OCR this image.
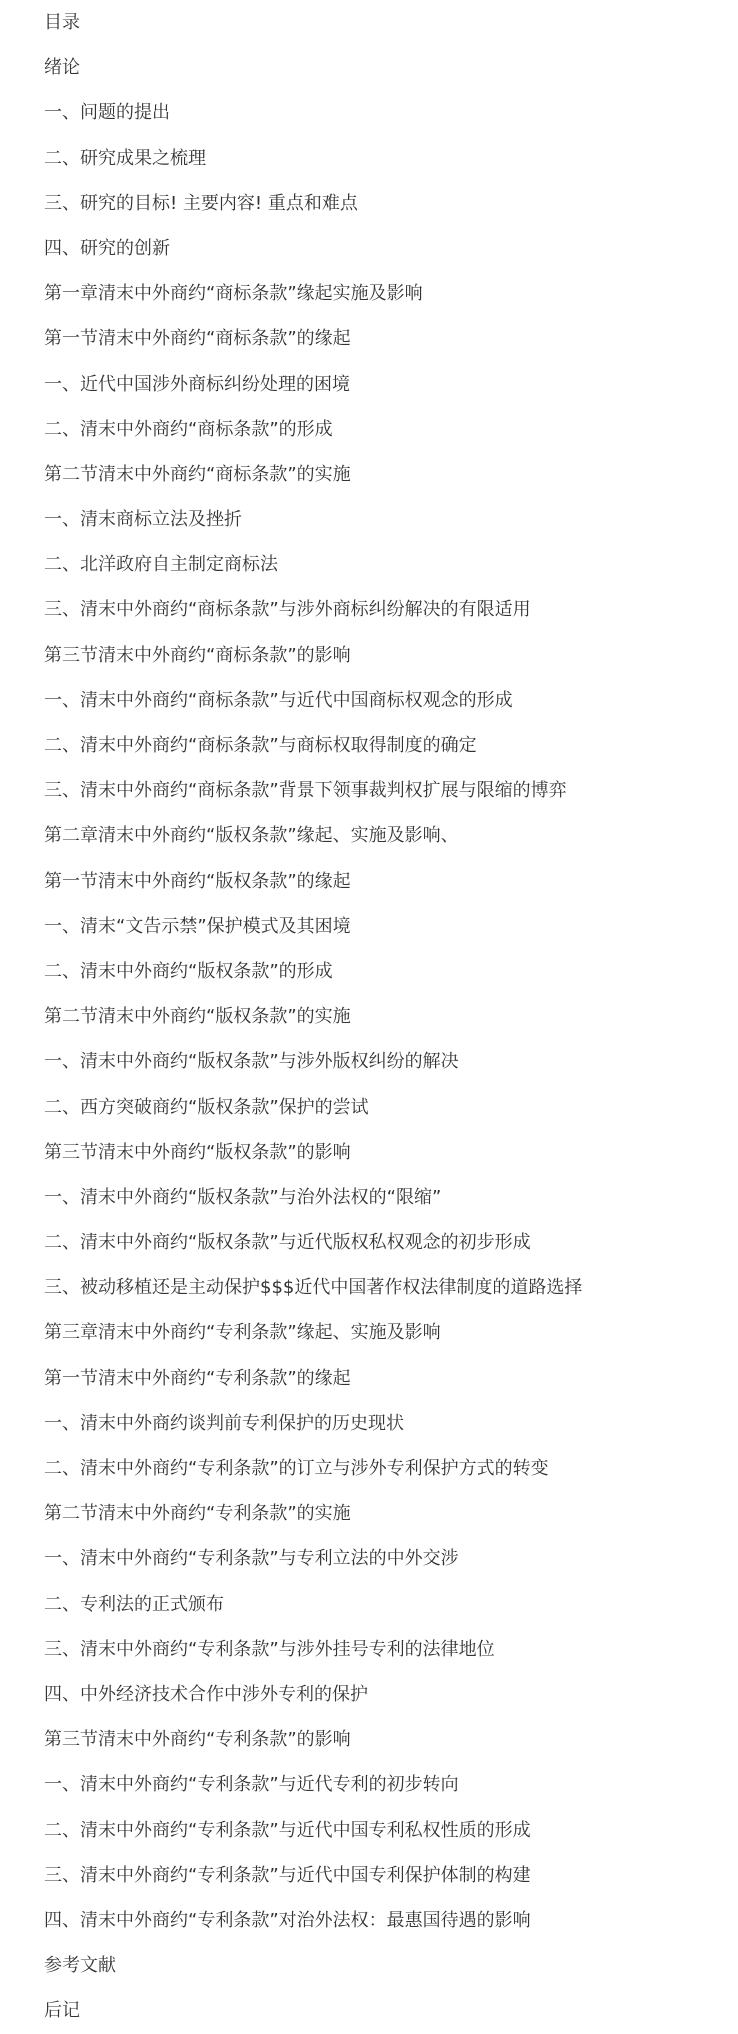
目录
绪论
一、问题的提出
二、研究成果之梳理
三、研究的目标! 主要内容! 重点和难点
四、研究的创新
第一章清末中外商约“商标条款”缘起实施及影响
第一节清末中外商约“商标条款”的缘起
一、近代中国涉外商标纠纷处理的困境
二、清末中外商约“商标条款”的形成
第二节清末中外商约“商标条款”的实施
一、清末商标立法及挫折
二、北洋政府自主制定商标法
三、清末中外商约“商标条款”与涉外商标纠纷解决的有限适用
第三节清末中外商约“商标条款”的影响
一、清末中外商约“商标条款”与近代中国商标权观念的形成
二、清末中外商约“商标条款”与商标权取得制度的确定
三、清末中外商约“商标条款”背景下领事裁判权扩展与限缩的博弈
第二章清末中外商约“版权条款”缘起、实施及影响、
第一节清末中外商约“版权条款”的缘起
一、清末“文告示禁”保护模式及其困境
二、清末中外商约“版权条款”的形成
第二节清末中外商约“版权条款”的实施
一、清末中外商约“版权条款”与涉外版权纠纷的解决
二、西方突破商约“版权条款”保护的尝试
第三节清末中外商约“版权条款”的影响
一、清末中外商约“版权条款”与治外法权的“限缩”
二、清末中外商约“版权条款”与近代版权私权观念的初步形成
三、被动移植还是主动保护$$$近代中国著作权法律制度的道路选择
第三章清末中外商约“专利条款”缘起、实施及影响
第一节清末中外商约“专利条款”的缘起
一、清末中外商约谈判前专利保护的历史现状
二、清末中外商约“专利条款”的订立与涉外专利保护方式的转变
第二节清末中外商约“专利条款”的实施
一、清末中外商约“专利条款”与专利立法的中外交涉
二、专利法的正式颁布
三、清末中外商约“专利条款”与涉外挂号专利的法律地位
四、中外经济技术合作中涉外专利的保护
第三节清末中外商约“专利条款”的影响
一、清末中外商约“专利条款”与近代专利的初步转向
二、清末中外商约“专利条款”与近代中国专利私权性质的形成
三、清末中外商约“专利条款”与近代中国专利保护体制的构建
四、清末中外商约“专利条款”对治外法权：最惠国待遇的影响
参考文献
后记
